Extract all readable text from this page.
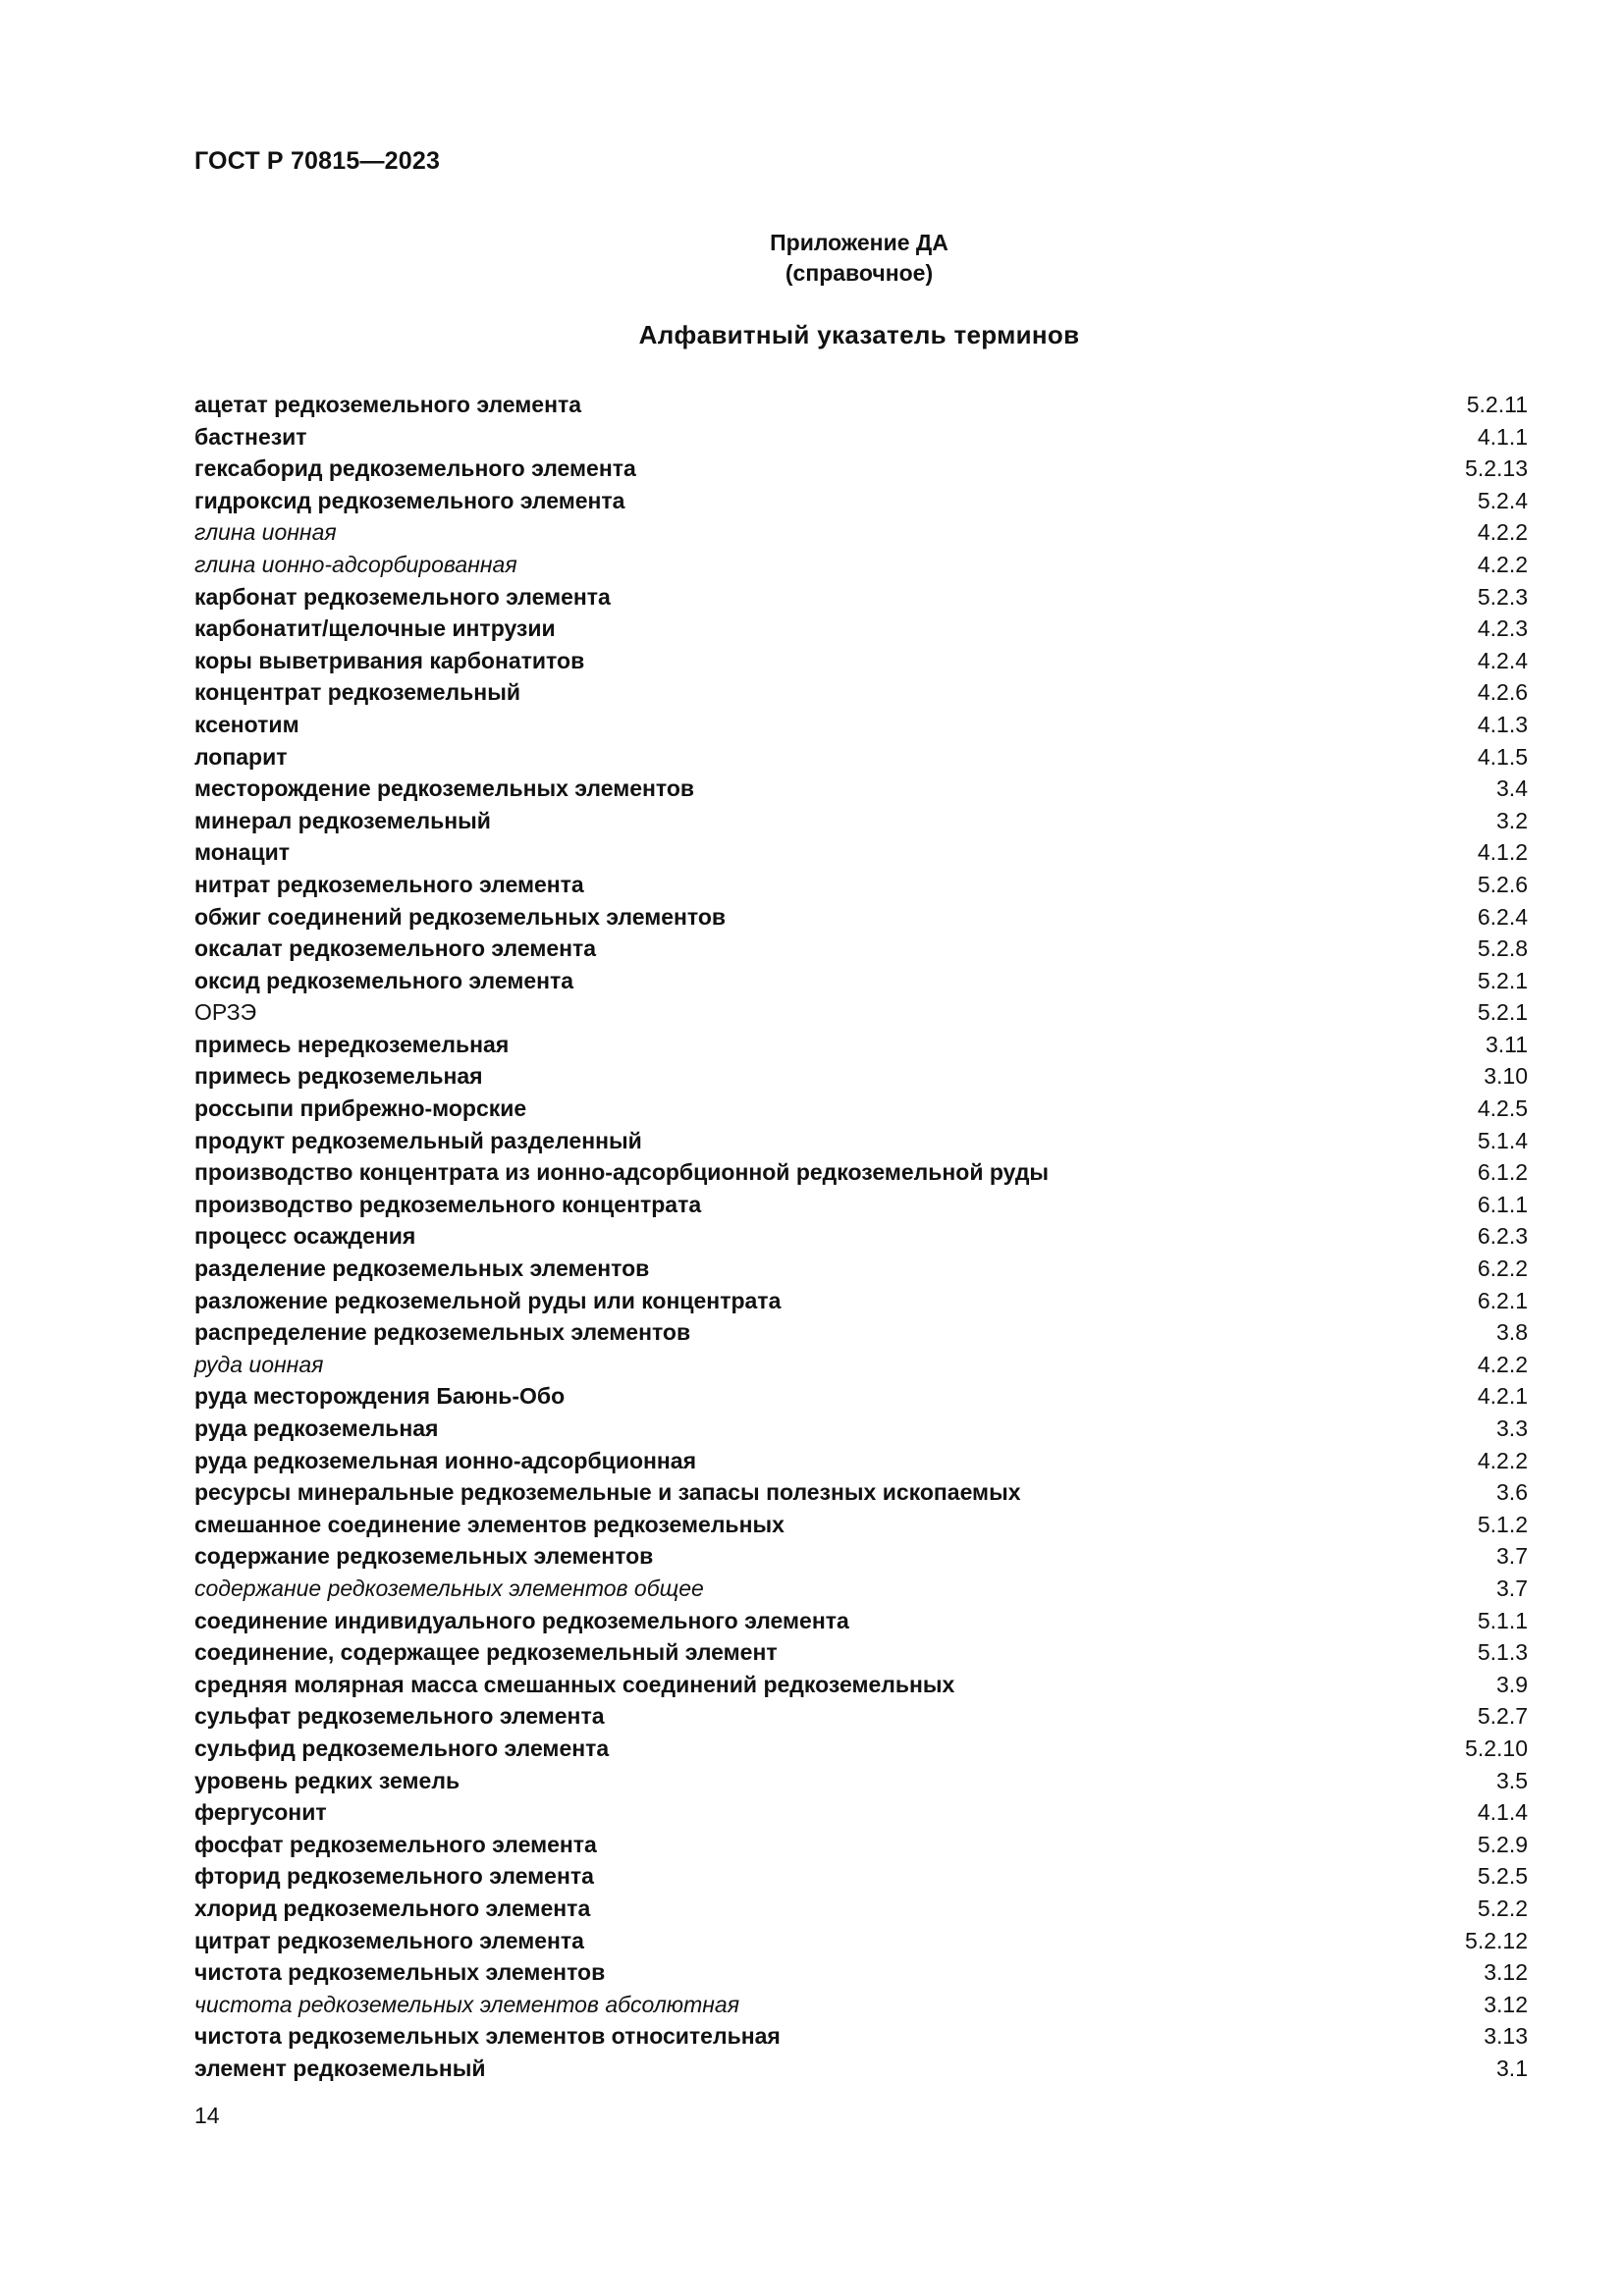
ГОСТ Р 70815—2023
Приложение ДА
(справочное)
Алфавитный указатель терминов
ацетат редкоземельного элемента	5.2.11
бастнезит	4.1.1
гексаборид редкоземельного элемента	5.2.13
гидроксид редкоземельного элемента	5.2.4
глина ионная	4.2.2
глина ионно-адсорбированная	4.2.2
карбонат редкоземельного элемента	5.2.3
карбонатит/щелочные интрузии	4.2.3
коры выветривания карбонатитов	4.2.4
концентрат редкоземельный	4.2.6
ксенотим	4.1.3
лопарит	4.1.5
месторождение редкоземельных элементов	3.4
минерал редкоземельный	3.2
монацит	4.1.2
нитрат редкоземельного элемента	5.2.6
обжиг соединений редкоземельных элементов	6.2.4
оксалат редкоземельного элемента	5.2.8
оксид редкоземельного элемента	5.2.1
ОРЗЭ	5.2.1
примесь нередкоземельная	3.11
примесь редкоземельная	3.10
россыпи прибрежно-морские	4.2.5
продукт редкоземельный разделенный	5.1.4
производство концентрата из ионно-адсорбционной редкоземельной руды	6.1.2
производство редкоземельного концентрата	6.1.1
процесс осаждения	6.2.3
разделение редкоземельных элементов	6.2.2
разложение редкоземельной руды или концентрата	6.2.1
распределение редкоземельных элементов	3.8
руда ионная	4.2.2
руда месторождения Баюнь-Обо	4.2.1
руда редкоземельная	3.3
руда редкоземельная ионно-адсорбционная	4.2.2
ресурсы минеральные редкоземельные и запасы полезных ископаемых	3.6
смешанное соединение элементов редкоземельных	5.1.2
содержание редкоземельных элементов	3.7
содержание редкоземельных элементов общее	3.7
соединение индивидуального редкоземельного элемента	5.1.1
соединение, содержащее редкоземельный элемент	5.1.3
средняя молярная масса смешанных соединений редкоземельных	3.9
сульфат редкоземельного элемента	5.2.7
сульфид редкоземельного элемента	5.2.10
уровень редких земель	3.5
фергусонит	4.1.4
фосфат редкоземельного элемента	5.2.9
фторид редкоземельного элемента	5.2.5
хлорид редкоземельного элемента	5.2.2
цитрат редкоземельного элемента	5.2.12
чистота редкоземельных элементов	3.12
чистота редкоземельных элементов абсолютная	3.12
чистота редкоземельных элементов относительная	3.13
элемент редкоземельный	3.1
14
